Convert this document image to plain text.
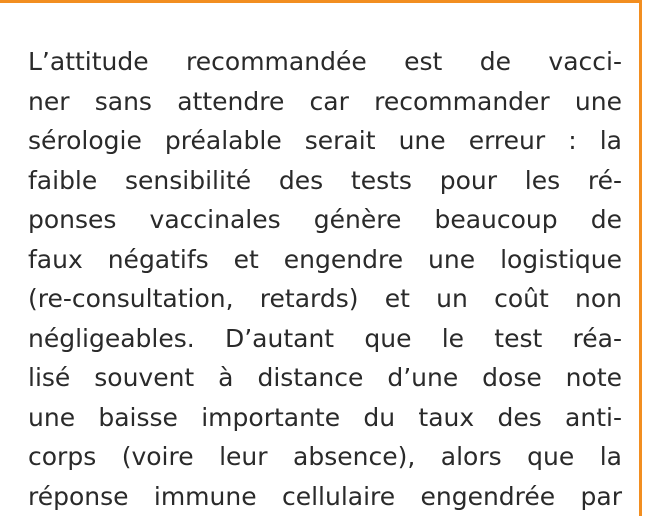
L’attitude recommandée est de vacci-
ner sans attendre car recommander une
sérologie préalable serait une erreur : la
faible sensibilité des tests pour les ré-
ponses vaccinales génère beaucoup de
faux négatifs et engendre une logistique
(re-consultation, retards) et un coût non
négligeables. D’autant que le test réa-
lisé souvent à distance d’une dose note
une baisse importante du taux des anti-
corps (voire leur absence), alors que la
réponse immune cellulaire engendrée par
